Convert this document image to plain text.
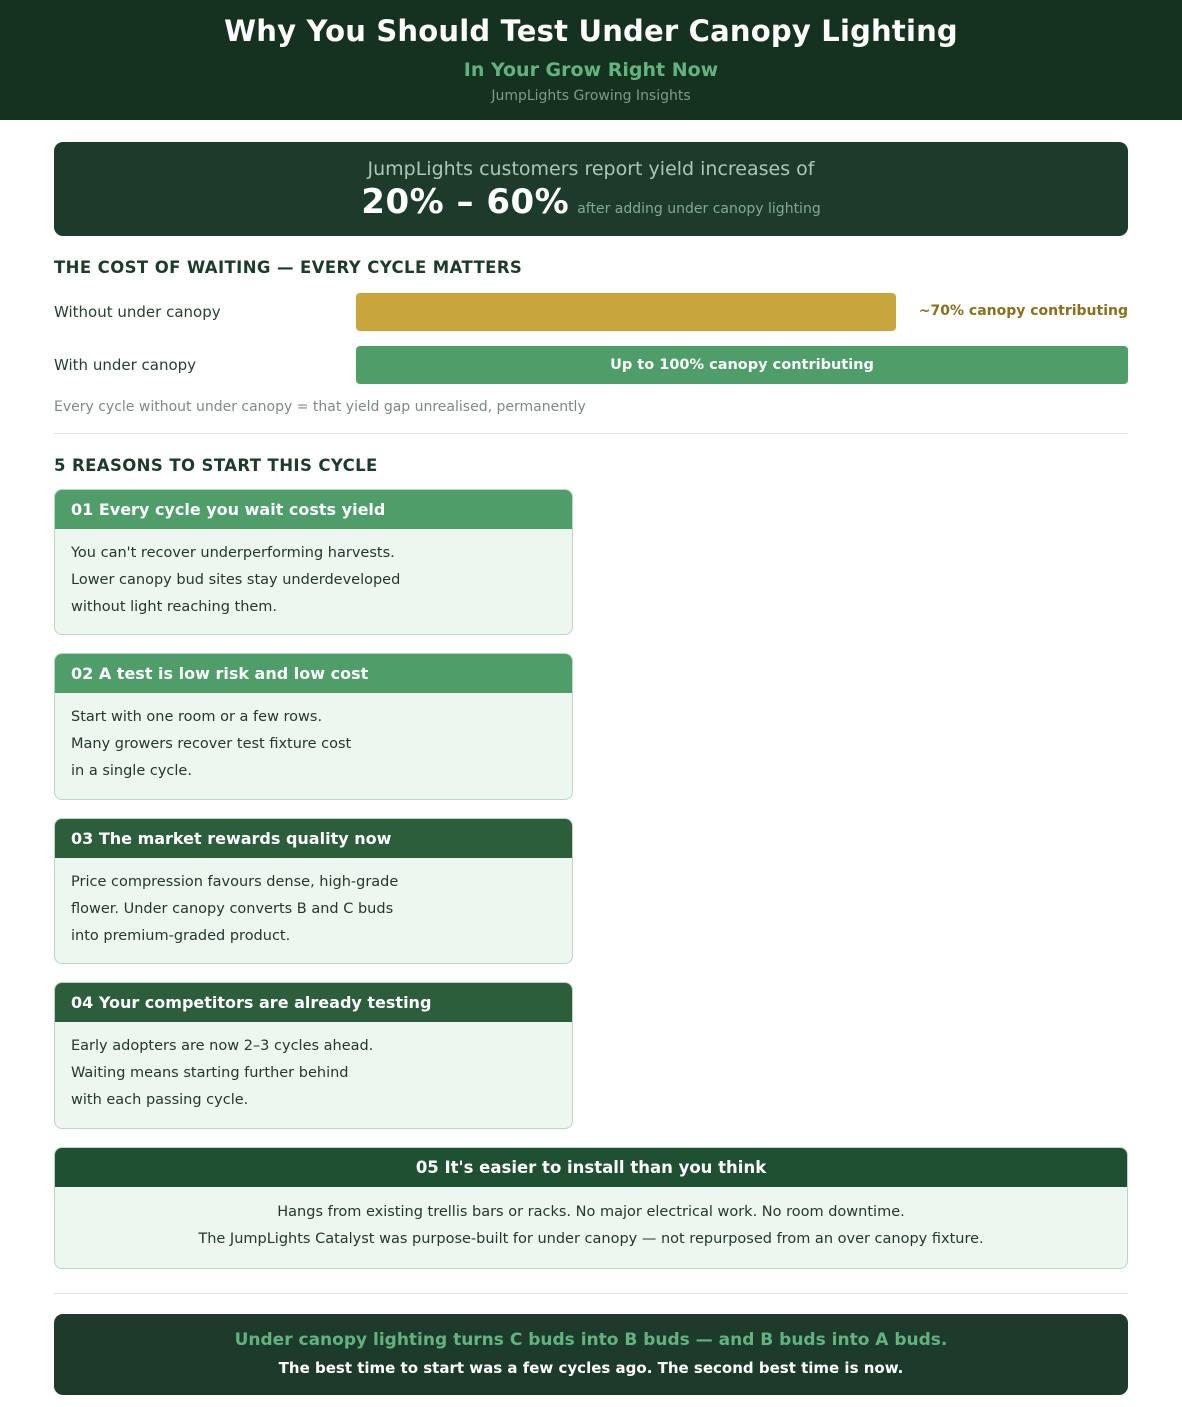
Why You Should Test Under Canopy Lighting
In Your Grow Right Now
JumpLights Growing Insights
JumpLights customers report yield increases of
20% – 60% after adding under canopy lighting
THE COST OF WAITING — EVERY CYCLE MATTERS
Without under canopy	~70% canopy contributing
With under canopy	Up to 100% canopy contributing
Every cycle without under canopy = that yield gap unrealised, permanently
5 REASONS TO START THIS CYCLE
01 Every cycle you wait costs yield
You can't recover underperforming harvests.
Lower canopy bud sites stay underdeveloped
without light reaching them.
02 A test is low risk and low cost
Start with one room or a few rows.
Many growers recover test fixture cost
in a single cycle.
03 The market rewards quality now
Price compression favours dense, high-grade
flower. Under canopy converts B and C buds
into premium-graded product.
04 Your competitors are already testing
Early adopters are now 2–3 cycles ahead.
Waiting means starting further behind
with each passing cycle.
05 It's easier to install than you think
Hangs from existing trellis bars or racks. No major electrical work. No room downtime.
The JumpLights Catalyst was purpose-built for under canopy — not repurposed from an over canopy fixture.
Under canopy lighting turns C buds into B buds — and B buds into A buds.
The best time to start was a few cycles ago. The second best time is now.
